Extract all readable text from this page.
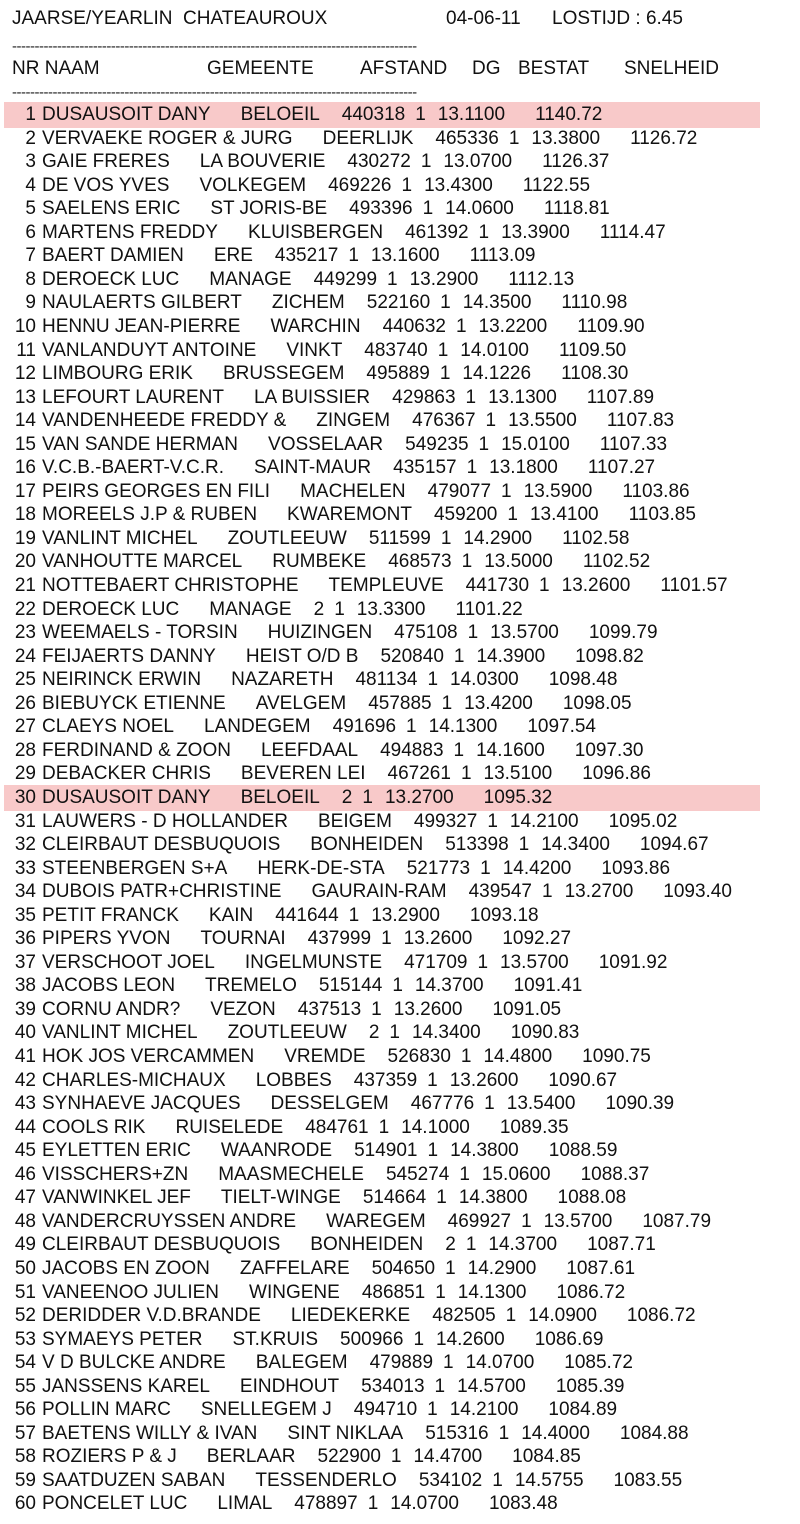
JAARSE/YEARLIN  CHATEAUROUX	04-06-11 LOSTIJD : 6.45
------------------------------------------------------------------------------------------
NR NAAM	GEMEENTE AFSTAND DG BESTAT SNELHEID
------------------------------------------------------------------------------------------
1 DUSAUSOIT DANY BELOEIL 440318 1 13.1100 1140.72
2 VERVAEKE ROGER & JURG DEERLIJK 465336 1 13.3800 1126.72
3 GAIE FRERES LA BOUVERIE 430272 1 13.0700 1126.37
4 DE VOS YVES VOLKEGEM 469226 1 13.4300 1122.55
5 SAELENS ERIC ST JORIS-BE 493396 1 14.0600 1118.81
6 MARTENS FREDDY KLUISBERGEN 461392 1 13.3900 1114.47
7 BAERT DAMIEN ERE 435217 1 13.1600 1113.09
8 DEROECK LUC MANAGE 449299 1 13.2900 1112.13
9 NAULAERTS GILBERT ZICHEM 522160 1 14.3500 1110.98
10 HENNU JEAN-PIERRE WARCHIN 440632 1 13.2200 1109.90
11 VANLANDUYT ANTOINE VINKT 483740 1 14.0100 1109.50
12 LIMBOURG ERIK BRUSSEGEM 495889 1 14.1226 1108.30
13 LEFOURT LAURENT LA BUISSIER 429863 1 13.1300 1107.89
14 VANDENHEEDE FREDDY & ZINGEM 476367 1 13.5500 1107.83
15 VAN SANDE HERMAN VOSSELAAR 549235 1 15.0100 1107.33
16 V.C.B.-BAERT-V.C.R. SAINT-MAUR 435157 1 13.1800 1107.27
17 PEIRS GEORGES EN FILI MACHELEN 479077 1 13.5900 1103.86
18 MOREELS J.P & RUBEN KWAREMONT 459200 1 13.4100 1103.85
19 VANLINT MICHEL ZOUTLEEUW 511599 1 14.2900 1102.58
20 VANHOUTTE MARCEL RUMBEKE 468573 1 13.5000 1102.52
21 NOTTEBAERT CHRISTOPHE TEMPLEUVE 441730 1 13.2600 1101.57
22 DEROECK LUC MANAGE 2 1 13.3300 1101.22
23 WEEMAELS - TORSIN HUIZINGEN 475108 1 13.5700 1099.79
24 FEIJAERTS DANNY HEIST O/D B 520840 1 14.3900 1098.82
25 NEIRINCK ERWIN NAZARETH 481134 1 14.0300 1098.48
26 BIEBUYCK ETIENNE AVELGEM 457885 1 13.4200 1098.05
27 CLAEYS NOEL LANDEGEM 491696 1 14.1300 1097.54
28 FERDINAND & ZOON LEEFDAAL 494883 1 14.1600 1097.30
29 DEBACKER CHRIS BEVEREN LEI 467261 1 13.5100 1096.86
30 DUSAUSOIT DANY BELOEIL 2 1 13.2700 1095.32
31 LAUWERS - D HOLLANDER BEIGEM 499327 1 14.2100 1095.02
32 CLEIRBAUT DESBUQUOIS BONHEIDEN 513398 1 14.3400 1094.67
33 STEENBERGEN S+A HERK-DE-STA 521773 1 14.4200 1093.86
34 DUBOIS PATR+CHRISTINE GAURAIN-RAM 439547 1 13.2700 1093.40
35 PETIT FRANCK KAIN 441644 1 13.2900 1093.18
36 PIPERS YVON TOURNAI 437999 1 13.2600 1092.27
37 VERSCHOOT JOEL INGELMUNSTE 471709 1 13.5700 1091.92
38 JACOBS LEON TREMELO 515144 1 14.3700 1091.41
39 CORNU ANDR? VEZON 437513 1 13.2600 1091.05
40 VANLINT MICHEL ZOUTLEEUW 2 1 14.3400 1090.83
41 HOK JOS VERCAMMEN VREMDE 526830 1 14.4800 1090.75
42 CHARLES-MICHAUX LOBBES 437359 1 13.2600 1090.67
43 SYNHAEVE JACQUES DESSELGEM 467776 1 13.5400 1090.39
44 COOLS RIK RUISELEDE 484761 1 14.1000 1089.35
45 EYLETTEN ERIC WAANRODE 514901 1 14.3800 1088.59
46 VISSCHERS+ZN MAASMECHELE 545274 1 15.0600 1088.37
47 VANWINKEL JEF TIELT-WINGE 514664 1 14.3800 1088.08
48 VANDERCRUYSSEN ANDRE WAREGEM 469927 1 13.5700 1087.79
49 CLEIRBAUT DESBUQUOIS BONHEIDEN 2 1 14.3700 1087.71
50 JACOBS EN ZOON ZAFFELARE 504650 1 14.2900 1087.61
51 VANEENOO JULIEN WINGENE 486851 1 14.1300 1086.72
52 DERIDDER V.D.BRANDE LIEDEKERKE 482505 1 14.0900 1086.72
53 SYMAEYS PETER ST.KRUIS 500966 1 14.2600 1086.69
54 V D BULCKE ANDRE BALEGEM 479889 1 14.0700 1085.72
55 JANSSENS KAREL EINDHOUT 534013 1 14.5700 1085.39
56 POLLIN MARC SNELLEGEM J 494710 1 14.2100 1084.89
57 BAETENS WILLY & IVAN SINT NIKLAA 515316 1 14.4000 1084.88
58 ROZIERS P & J BERLAAR 522900 1 14.4700 1084.85
59 SAATDUZEN SABAN TESSENDERLO 534102 1 14.5755 1083.55
60 PONCELET LUC LIMAL 478897 1 14.0700 1083.48
